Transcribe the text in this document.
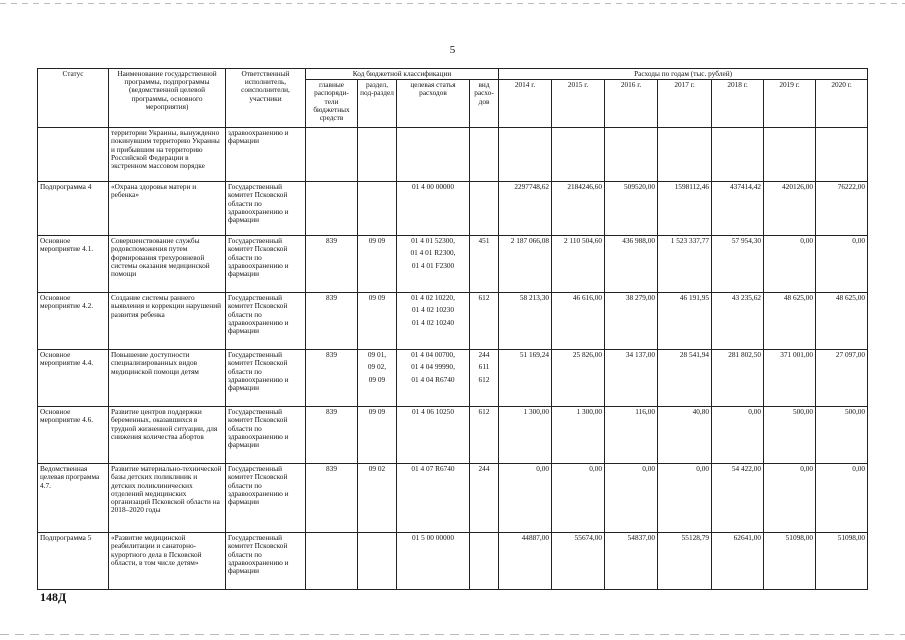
5
Статус	Наименование государственной программы, подпрограммы (ведомственной целевой программы, основного мероприятия)	Ответственный исполнитель, соисполнители, участники	Код бюджетной классификации				Расходы по годам (тыс. рублей)						
			главные распоряди-тели бюджетных средств	раздел, под-раздел	целевая статья расходов	вид расхо-дов	2014 г.	2015 г.	2016 г.	2017 г.	2018 г.	2019 г.	2020 г.
	территории Украины, вынужденно покинувшим территорию Украины и прибывшим на территорию Российской Федерации в экстренном массовом порядке	здравоохранению и фармации											
Подпрограмма 4	«Охрана здоровья матери и ребенка»	Государственный комитет Псковской области по здравоохранению и фармации			01 4 00 00000		2297748,62	2184246,60	509520,00	1598112,46	437414,42	420126,00	76222,00
Основное мероприятие 4.1.	Совершенствование службы родовспоможения путем формирования трехуровневой системы оказания медицинской помощи	Государственный комитет Псковской области по здравоохранению и фармации	839	09 09	01 4 01 52300,
01 4 01 R2300,
01 4 01 F2300	451	2 187 066,08	2 110 504,60	436 988,00	1 523 337,77	57 954,30	0,00	0,00
Основное мероприятие 4.2.	Создание системы раннего выявления и коррекции нарушений развития ребенка	Государственный комитет Псковской области по здравоохранению и фармации	839	09 09	01 4 02 10220,
01 4 02 10230
01 4 02 10240	612	58 213,30	46 616,00	38 279,00	46 191,95	43 235,62	48 625,00	48 625,00
Основное мероприятие 4.4.	Повышение доступности специализированных видов медицинской помощи детям	Государственный комитет Псковской области по здравоохранению и фармации	839	09 01,
09 02,
09 09	01 4 04 00700,
01 4 04 99990,
01 4 04 R6740	244
611
612	51 169,24	25 826,00	34 137,00	28 541,94	281 802,50	371 001,00	27 097,00
Основное мероприятие 4.6.	Развитие центров поддержки беременных, оказавшихся в трудной жизненной ситуации, для снижения количества абортов	Государственный комитет Псковской области по здравоохранению и фармации	839	09 09	01 4 06 10250	612	1 300,00	1 300,00	116,00	40,80	0,00	500,00	500,00
Ведомственная целевая программа 4.7.	Развитие материально-технической базы детских поликлиник и детских поликлинических отделений медицинских организаций Псковской области на 2018–2020 годы	Государственный комитет Псковской области по здравоохранению и фармации	839	09 02	01 4 07 R6740	244	0,00	0,00	0,00	0,00	54 422,00	0,00	0,00
Подпрограмма 5	«Развитие медицинской реабилитации и санаторно-курортного дела в Псковской области, в том числе детям»	Государственный комитет Псковской области по здравоохранению и фармации			01 5 00 00000		44887,00	55674,00	54837,00	55128,79	62641,00	51098,00	51098,00
148Д
